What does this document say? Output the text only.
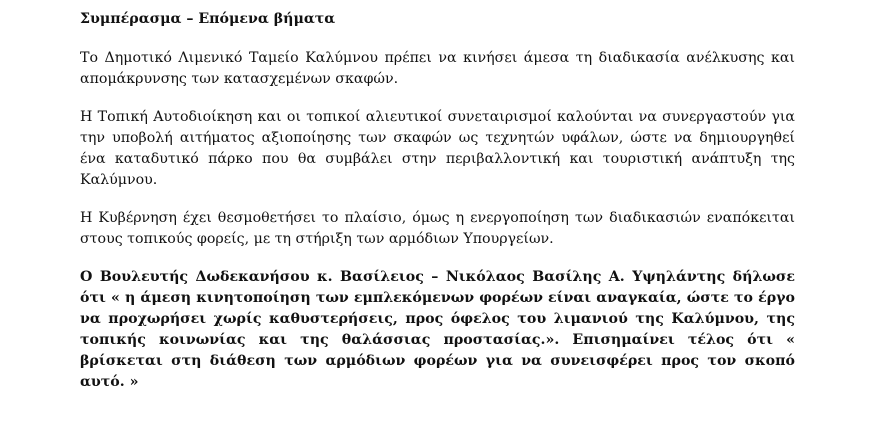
Συμπέρασμα – Επόμενα βήματα

Το Δημοτικό Λιμενικό Ταμείο Καλύμνου πρέπει να κινήσει άμεσα τη διαδικασία ανέλκυσης και απομάκρυνσης των κατασχεμένων σκαφών.

Η Τοπική Αυτοδιοίκηση και οι τοπικοί αλιευτικοί συνεταιρισμοί καλούνται να συνεργαστούν για την υποβολή αιτήματος αξιοποίησης των σκαφών ως τεχνητών υφάλων, ώστε να δημιουργηθεί ένα καταδυτικό πάρκο που θα συμβάλει στην περιβαλλοντική και τουριστική ανάπτυξη της Καλύμνου.

Η Κυβέρνηση έχει θεσμοθετήσει το πλαίσιο, όμως η ενεργοποίηση των διαδικασιών εναπόκειται στους τοπικούς φορείς, με τη στήριξη των αρμόδιων Υπουργείων.

Ο Βουλευτής Δωδεκανήσου κ. Βασίλειος – Νικόλαος Βασίλης Α. Υψηλάντης δήλωσε ότι « η άμεση κινητοποίηση των εμπλεκόμενων φορέων είναι αναγκαία, ώστε το έργο να προχωρήσει χωρίς καθυστερήσεις, προς όφελος του λιμανιού της Καλύμνου, της τοπικής κοινωνίας και της θαλάσσιας προστασίας.». Επισημαίνει τέλος ότι « βρίσκεται στη διάθεση των αρμόδιων φορέων για να συνεισφέρει προς τον σκοπό αυτό. »
